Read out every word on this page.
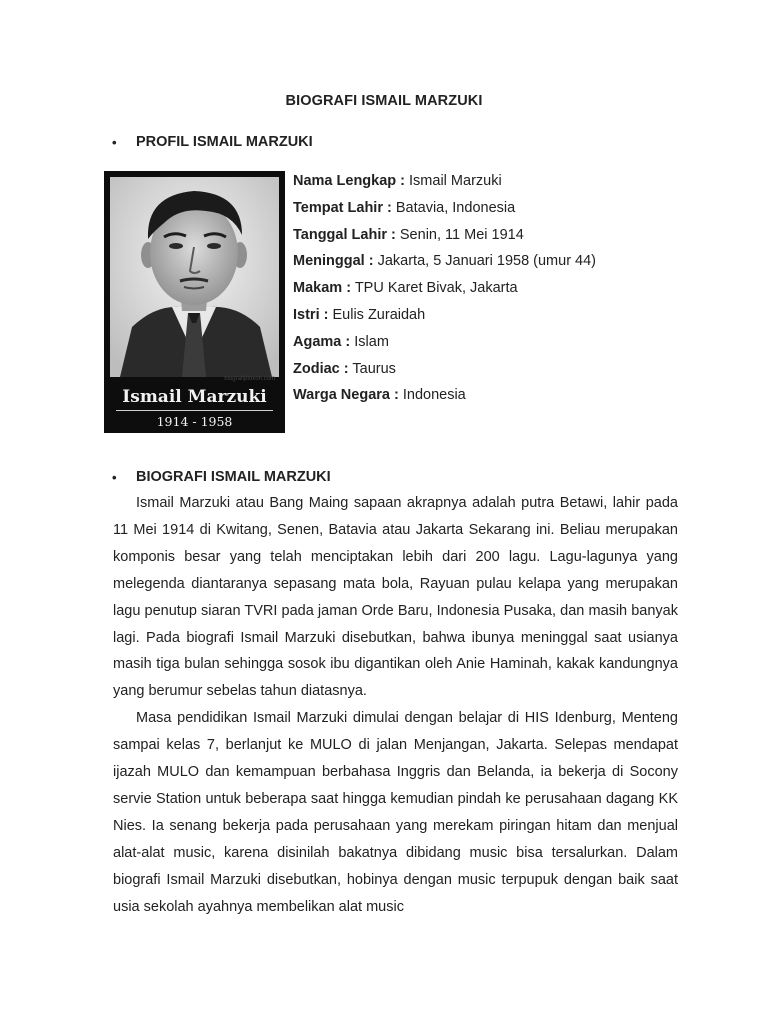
BIOGRAFI ISMAIL MARZUKI
•	PROFIL ISMAIL MARZUKI
biografiptokoh.com
Ismail Marzuki
1914 - 1958
Nama Lengkap : Ismail Marzuki
Tempat Lahir : Batavia, Indonesia
Tanggal Lahir : Senin, 11 Mei 1914
Meninggal : Jakarta, 5 Januari 1958 (umur 44)
Makam : TPU Karet Bivak, Jakarta
Istri : Eulis Zuraidah
Agama : Islam
Zodiac : Taurus
Warga Negara : Indonesia
•	BIOGRAFI ISMAIL MARZUKI

Ismail Marzuki atau Bang Maing sapaan akrapnya adalah putra Betawi, lahir pada 11 Mei 1914 di Kwitang, Senen, Batavia atau Jakarta Sekarang ini. Beliau merupakan komponis besar yang telah menciptakan lebih dari 200 lagu. Lagu-lagunya yang melegenda diantaranya sepasang mata bola, Rayuan pulau kelapa yang merupakan lagu penutup siaran TVRI pada jaman Orde Baru, Indonesia Pusaka, dan masih banyak lagi. Pada biografi Ismail Marzuki disebutkan, bahwa ibunya meninggal saat usianya masih tiga bulan sehingga sosok ibu digantikan oleh Anie Haminah, kakak kandungnya yang berumur sebelas tahun diatasnya.

Masa pendidikan Ismail Marzuki dimulai dengan belajar di HIS Idenburg, Menteng sampai kelas 7, berlanjut ke MULO di jalan Menjangan, Jakarta. Selepas mendapat ijazah MULO dan kemampuan berbahasa Inggris dan Belanda, ia bekerja di Socony servie Station untuk beberapa saat hingga kemudian pindah ke perusahaan dagang KK Nies. Ia senang bekerja pada perusahaan yang merekam piringan hitam dan menjual alat-alat music, karena disinilah bakatnya dibidang music bisa tersalurkan. Dalam biografi Ismail Marzuki disebutkan, hobinya dengan music terpupuk dengan baik saat usia sekolah ayahnya membelikan alat music
